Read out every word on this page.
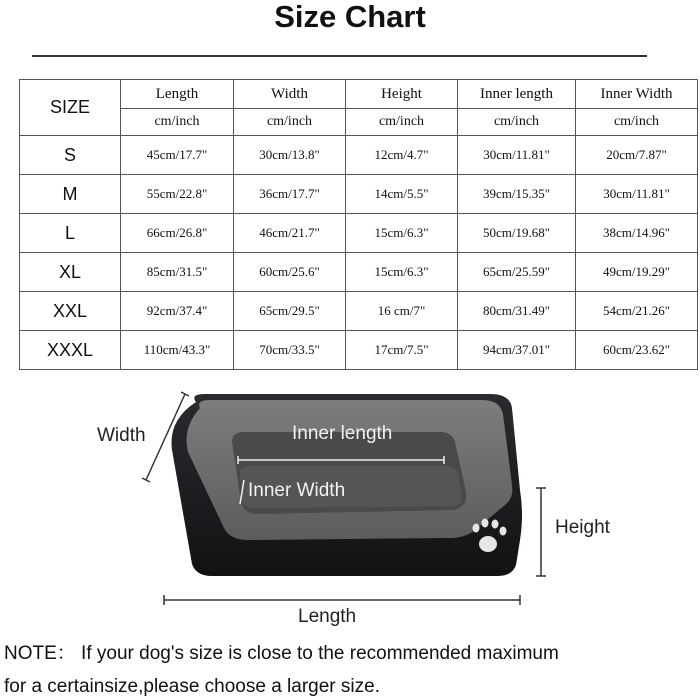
Size Chart
SIZE	Length	Width	Height	Inner length	Inner Width
	cm/inch	cm/inch	cm/inch	cm/inch	cm/inch
S	45cm/17.7"	30cm/13.8"	12cm/4.7"	30cm/11.81"	20cm/7.87"
M	55cm/22.8"	36cm/17.7"	14cm/5.5"	39cm/15.35"	30cm/11.81"
L	66cm/26.8"	46cm/21.7"	15cm/6.3"	50cm/19.68"	38cm/14.96"
XL	85cm/31.5"	60cm/25.6"	15cm/6.3"	65cm/25.59"	49cm/19.29"
XXL	92cm/37.4"	65cm/29.5"	16 cm/7"	80cm/31.49"	54cm/21.26"
XXXL	110cm/43.3"	70cm/33.5"	17cm/7.5"	94cm/37.01"	60cm/23.62"
Width	Inner length
Inner Width
Height
Length
NOTE： If your dog's size is close to the recommended maximum
for a certainsize,please choose a larger size.
